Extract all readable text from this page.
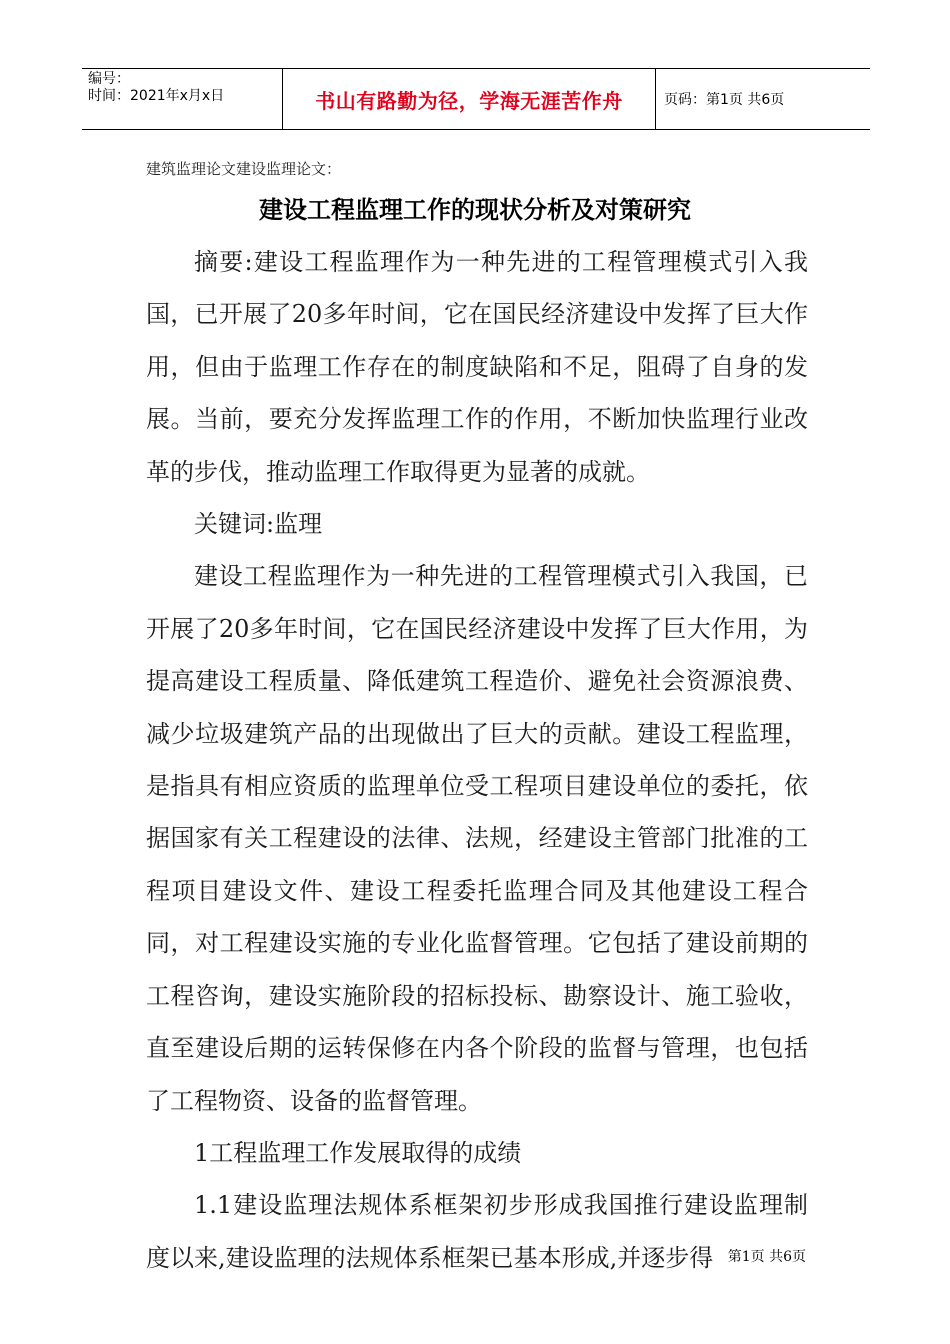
编号：
时间：2021年x月x日	书山有路勤为径，学海无涯苦作舟	页码：第1页 共6页
建筑监理论文建设监理论文：
建设工程监理工作的现状分析及对策研究

摘要:建设工程监理作为一种先进的工程管理模式引入我国，已开展了20多年时间，它在国民经济建设中发挥了巨大作用，但由于监理工作存在的制度缺陷和不足，阻碍了自身的发展。当前，要充分发挥监理工作的作用，不断加快监理行业改革的步伐，推动监理工作取得更为显著的成就。

关键词:监理

建设工程监理作为一种先进的工程管理模式引入我国，已开展了20多年时间，它在国民经济建设中发挥了巨大作用，为提高建设工程质量、降低建筑工程造价、避免社会资源浪费、减少垃圾建筑产品的出现做出了巨大的贡献。建设工程监理，是指具有相应资质的监理单位受工程项目建设单位的委托，依据国家有关工程建设的法律、法规，经建设主管部门批准的工程项目建设文件、建设工程委托监理合同及其他建设工程合同，对工程建设实施的专业化监督管理。它包括了建设前期的工程咨询，建设实施阶段的招标投标、勘察设计、施工验收，直至建设后期的运转保修在内各个阶段的监督与管理，也包括了工程物资、设备的监督管理。

1工程监理工作发展取得的成绩

1.1建设监理法规体系框架初步形成我国推行建设监理制度以来,建设监理的法规体系框架已基本形成,并逐步得	第1页 共6页
